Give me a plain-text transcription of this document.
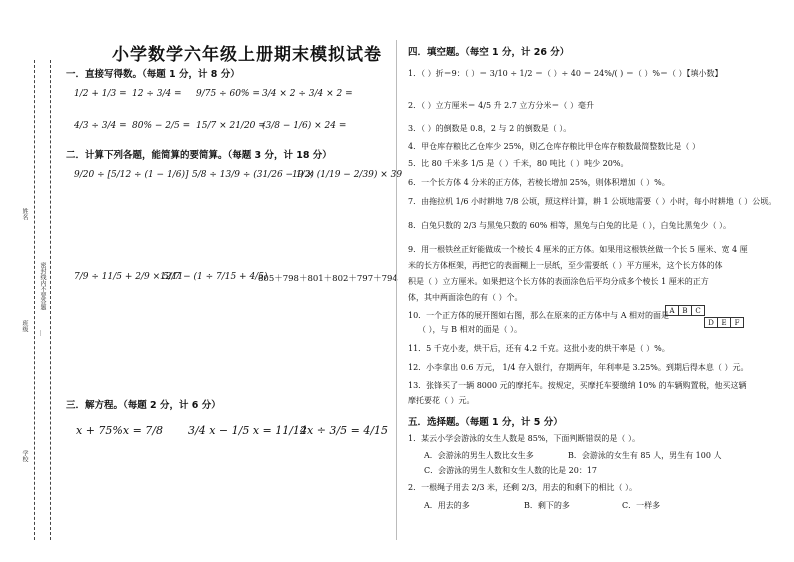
姓名
密封线内不要答题
班级
学校
…
小学数学六年级上册期末模拟试卷
一．直接写得数。（每题 1 分，计 8 分）
1/2 + 1/3 = 12 ÷ 3/4 = 9/75 ÷ 60% = 3/4 × 2 ÷ 3/4 × 2 =
4/3 ÷ 3/4 = 80% − 2/5 = 15/7 × 21/20 =
(3/8 − 1/6) × 24 =
二．计算下列各题，能简算的要简算。（每题 3 分，计 18 分）
9/20 ÷ [5/12 ÷ (1 − 1/6)] 5/8 ÷ 13/9 ÷ (31/26 − 1/2)
19 × (1/19 − 2/39) × 39
7/9 ÷ 11/5 + 2/9 × 5/11
12/7 − (1 ÷ 7/15 + 4/5)
805＋798＋801＋802＋797＋794
三．解方程。（每题 2 分，计 6 分）
x + 75%x = 7/8 3/4 x − 1/5 x = 11/12
4x ÷ 3/5 = 4/15
四．填空题。（每空 1 分，计 26 分）
1．（ ）折＝9：（ ）＝ 3/10 ÷ 1/2 ＝（ ）÷ 40 ＝ 24%/( ) ＝（ ）%＝（ ）【填小数】
2．（ ）立方厘米＝ 4/5 升 2.7 立方分米＝（ ）毫升
3．（ ）的倒数是 0.8，2 与 2 的倒数是（ ）。
4．甲仓库存粮比乙仓库少 25%，则乙仓库存粮比甲仓库存粮数最简整数比是（ ）
5．比 80 千米多 1/5 是（ ）千米，80 吨比（ ）吨少 20%。
6．一个长方体 4 分米的正方体，若棱长增加 25%，则体积增加（ ）%。
7．由拖拉机 1/6 小时耕地 7/8 公顷，照这样计算，耕 1 公顷地需要（ ）小时，每小时耕地（ ）公顷。
8．白兔只数的 2/3 与黑兔只数的 60% 相等，黑兔与白兔的比是（ ），白兔比黑兔少（ ）。
9．用一根铁丝正好能做成一个棱长 4 厘米的正方体。如果用这根铁丝做一个长 5 厘米、宽 4 厘
米的长方体框架，再把它的表面糊上一层纸，至少需要纸（ ）平方厘米，这个长方体的体
积是（ ）立方厘米。如果把这个长方体的表面涂色后平均分成多个棱长 1 厘米的正方
体，其中两面涂色的有（ ）个。
10．一个正方体的展开图如右图，那么在原来的正方体中与 A 相对的面是
（ ），与 B 相对的面是（ ）。
A	B	C
D	E	F
11．5 千克小麦，烘干后，还有 4.2 千克。这批小麦的烘干率是（ ）%。
12．小李拿出 0.6 万元， 1/4 存入银行，存期两年，年利率是 3.25%。到期后得本息（ ）元。
13．张锋买了一辆 8000 元的摩托车。按规定，买摩托车要缴纳 10% 的车辆购置税，他买这辆
摩托要花（ ）元。
五．选择题。（每题 1 分，计 5 分）
1．某云小学会游泳的女生人数是 85%，下面判断错误的是（ ）。
A．会游泳的男生人数比女生多	B．会游泳的女生有 85 人，男生有 100 人
C．会游泳的男生人数和女生人数的比是 20：17
2．一根绳子用去 2/3 米，还剩 2/3，用去的和剩下的相比（ ）。
A．用去的多	B．剩下的多	C．一样多
